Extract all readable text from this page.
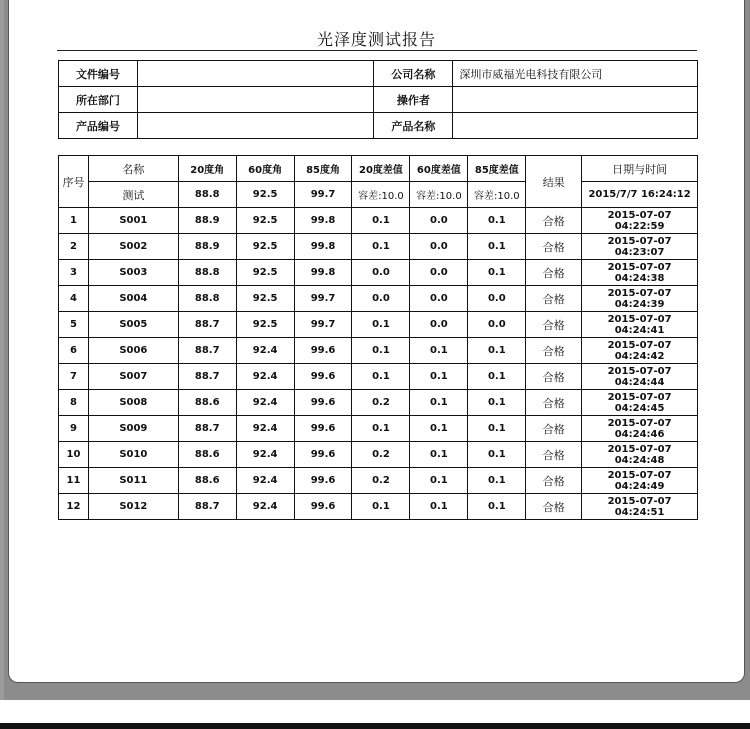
光泽度测试报告
文件编号		公司名称	深圳市威福光电科技有限公司
所在部门		操作者	
产品编号		产品名称	
序号	名称	20度角	60度角	85度角	20度差值	60度差值	85度差值	结果	日期与时间
	测试	88.8	92.5	99.7	容差:10.0	容差:10.0	容差:10.0		2015/7/7 16:24:12
1	S001	88.9	92.5	99.8	0.1	0.0	0.1	合格	2015-07-07 04:22:59
2	S002	88.9	92.5	99.8	0.1	0.0	0.1	合格	2015-07-07 04:23:07
3	S003	88.8	92.5	99.8	0.0	0.0	0.1	合格	2015-07-07 04:24:38
4	S004	88.8	92.5	99.7	0.0	0.0	0.0	合格	2015-07-07 04:24:39
5	S005	88.7	92.5	99.7	0.1	0.0	0.0	合格	2015-07-07 04:24:41
6	S006	88.7	92.4	99.6	0.1	0.1	0.1	合格	2015-07-07 04:24:42
7	S007	88.7	92.4	99.6	0.1	0.1	0.1	合格	2015-07-07 04:24:44
8	S008	88.6	92.4	99.6	0.2	0.1	0.1	合格	2015-07-07 04:24:45
9	S009	88.7	92.4	99.6	0.1	0.1	0.1	合格	2015-07-07 04:24:46
10	S010	88.6	92.4	99.6	0.2	0.1	0.1	合格	2015-07-07 04:24:48
11	S011	88.6	92.4	99.6	0.2	0.1	0.1	合格	2015-07-07 04:24:49
12	S012	88.7	92.4	99.6	0.1	0.1	0.1	合格	2015-07-07 04:24:51
